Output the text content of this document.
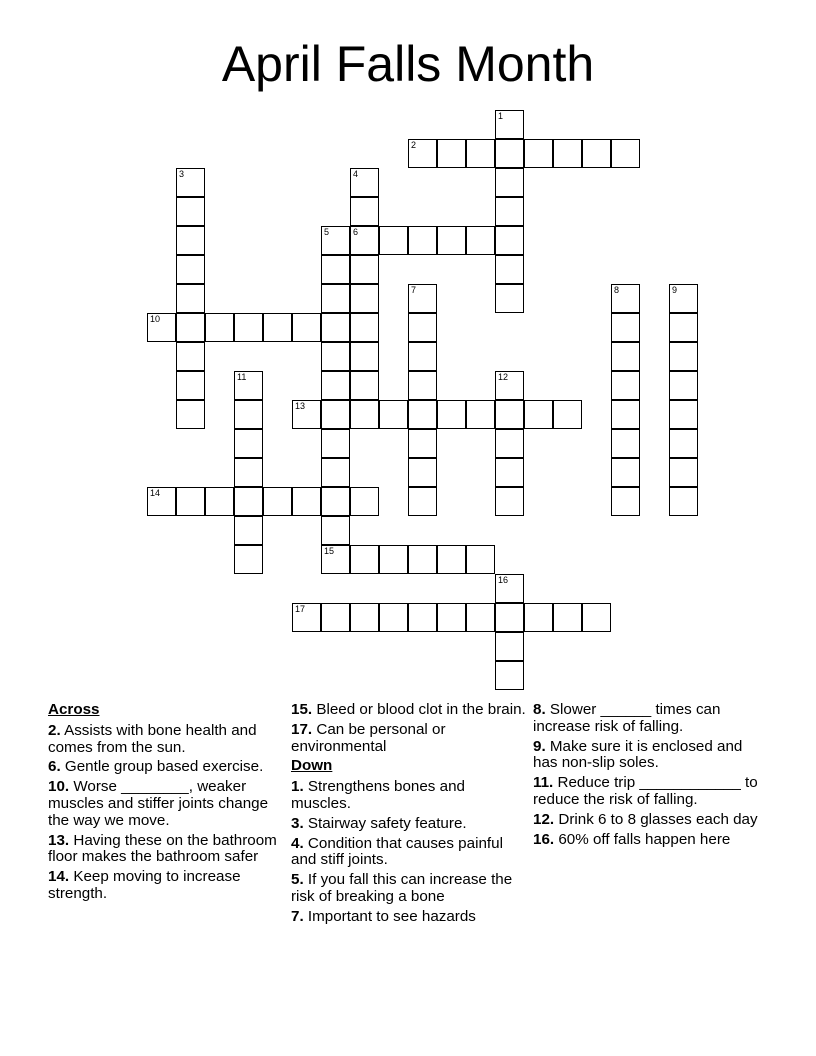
April Falls Month
1
2
3	4
6
5
15
7	8	9
10
11	12
13
14
16
17
Across
2. Assists with bone health and comes from the sun.
6. Gentle group based exercise.
10. Worse ________, weaker muscles and stiffer joints change the way we move.
13. Having these on the bathroom floor makes the bathroom safer
14. Keep moving to increase strength.
15. Bleed or blood clot in the brain.
17. Can be personal or environmental
Down
1. Strengthens bones and muscles.
3. Stairway safety feature.
4. Condition that causes painful and stiff joints.
5. If you fall this can increase the risk of breaking a bone
7. Important to see hazards
8. Slower ______ times can increase risk of falling.
9. Make sure it is enclosed and has non-slip soles.
11. Reduce trip ____________ to reduce the risk of falling.
12. Drink 6 to 8 glasses each day
16. 60% off falls happen here
